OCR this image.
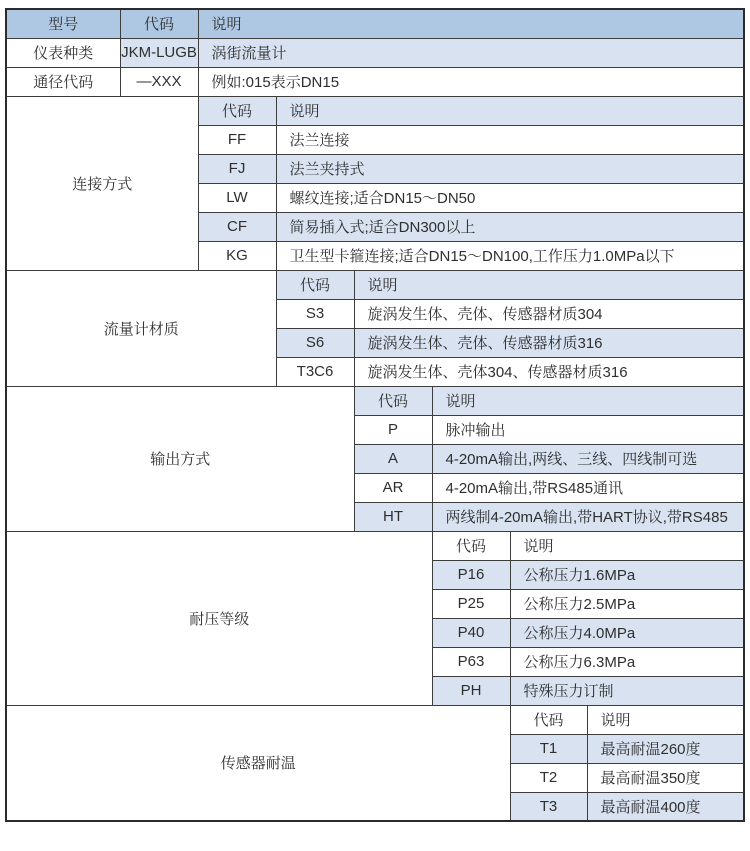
型号	代码	说明					
仪表种类	JKM-LUGB	涡街流量计					
通径代码	—XXX	例如:015表示DN15					
连接方式		代码	说明				
		FF	法兰连接				
		FJ	法兰夹持式				
		LW	螺纹连接;适合DN15～DN50				
		CF	简易插入式;适合DN300以上				
		KG	卫生型卡箍连接;适合DN15～DN100,工作压力1.0MPa以下				
流量计材质			代码	说明			
			S3	旋涡发生体、壳体、传感器材质304			
			S6	旋涡发生体、壳体、传感器材质316			
			T3C6	旋涡发生体、壳体304、传感器材质316			
输出方式				代码	说明		
				P	脉冲输出		
				A	4-20mA输出,两线、三线、四线制可选		
				AR	4-20mA输出,带RS485通讯		
				HT	两线制4-20mA输出,带HART协议,带RS485		
耐压等级					代码	说明	
					P16	公称压力1.6MPa	
					P25	公称压力2.5MPa	
					P40	公称压力4.0MPa	
					P63	公称压力6.3MPa	
					PH	特殊压力订制	
传感器耐温						代码	说明
						T1	最高耐温260度
						T2	最高耐温350度
						T3	最高耐温400度
